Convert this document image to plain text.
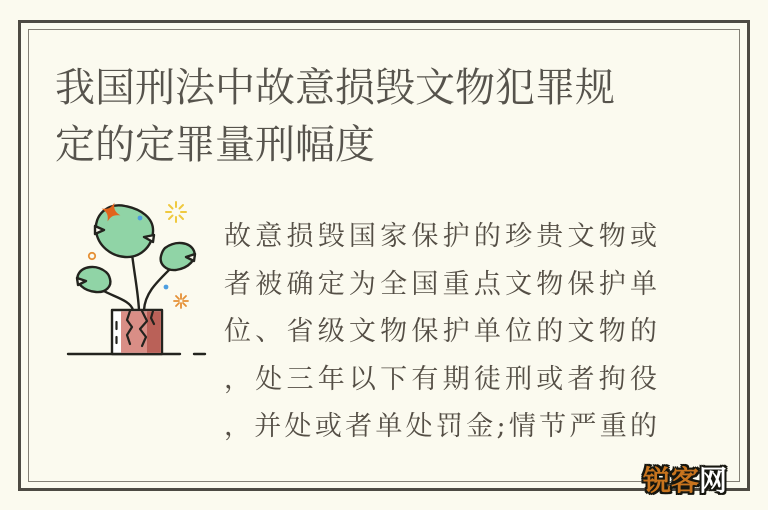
我国刑法中故意损毁文物犯罪规定的定罪量刑幅度
故意损毁国家保护的珍贵文物或
者被确定为全国重点文物保护单
位、省级文物保护单位的文物的
，处三年以下有期徒刑或者拘役
，并处或者单处罚金;情节严重的
锐客网
